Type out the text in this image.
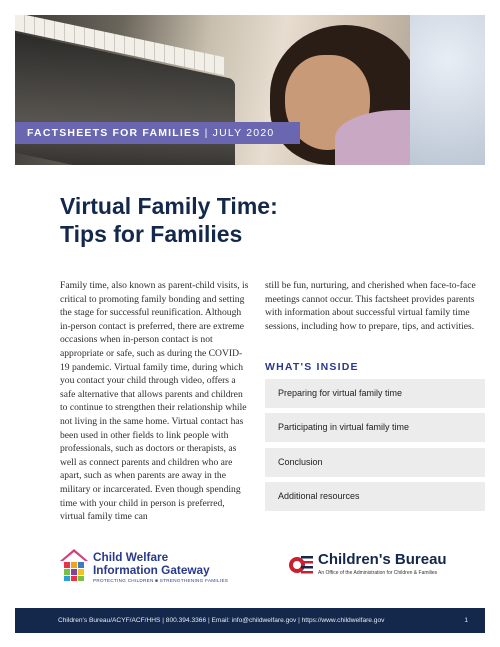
FACTSHEETS FOR FAMILIES | JULY 2020
Virtual Family Time:
Tips for Families
Family time, also known as parent-child visits, is critical to promoting family bonding and setting the stage for successful reunification. Although in-person contact is preferred, there are extreme occasions when in-person contact is not appropriate or safe, such as during the COVID-19 pandemic. Virtual family time, during which you contact your child through video, offers a safe alternative that allows parents and children to continue to strengthen their relationship while not living in the same home. Virtual contact has been used in other fields to link people with professionals, such as doctors or therapists, as well as connect parents and children who are apart, such as when parents are away in the military or incarcerated. Even though spending time with your child in person is preferred, virtual family time can
still be fun, nurturing, and cherished when face-to-face meetings cannot occur. This factsheet provides parents with information about successful virtual family time sessions, including how to prepare, tips, and activities.
WHAT'S INSIDE
Preparing for virtual family time
Participating in virtual family time
Conclusion
Additional resources
Child Welfare
Information Gateway
PROTECTING CHILDREN ■ STRENGTHENING FAMILIES
Children's Bureau
An Office of the Administration for Children & Families
Children's Bureau/ACYF/ACF/HHS | 800.394.3366 | Email: info@childwelfare.gov | https://www.childwelfare.gov	1
